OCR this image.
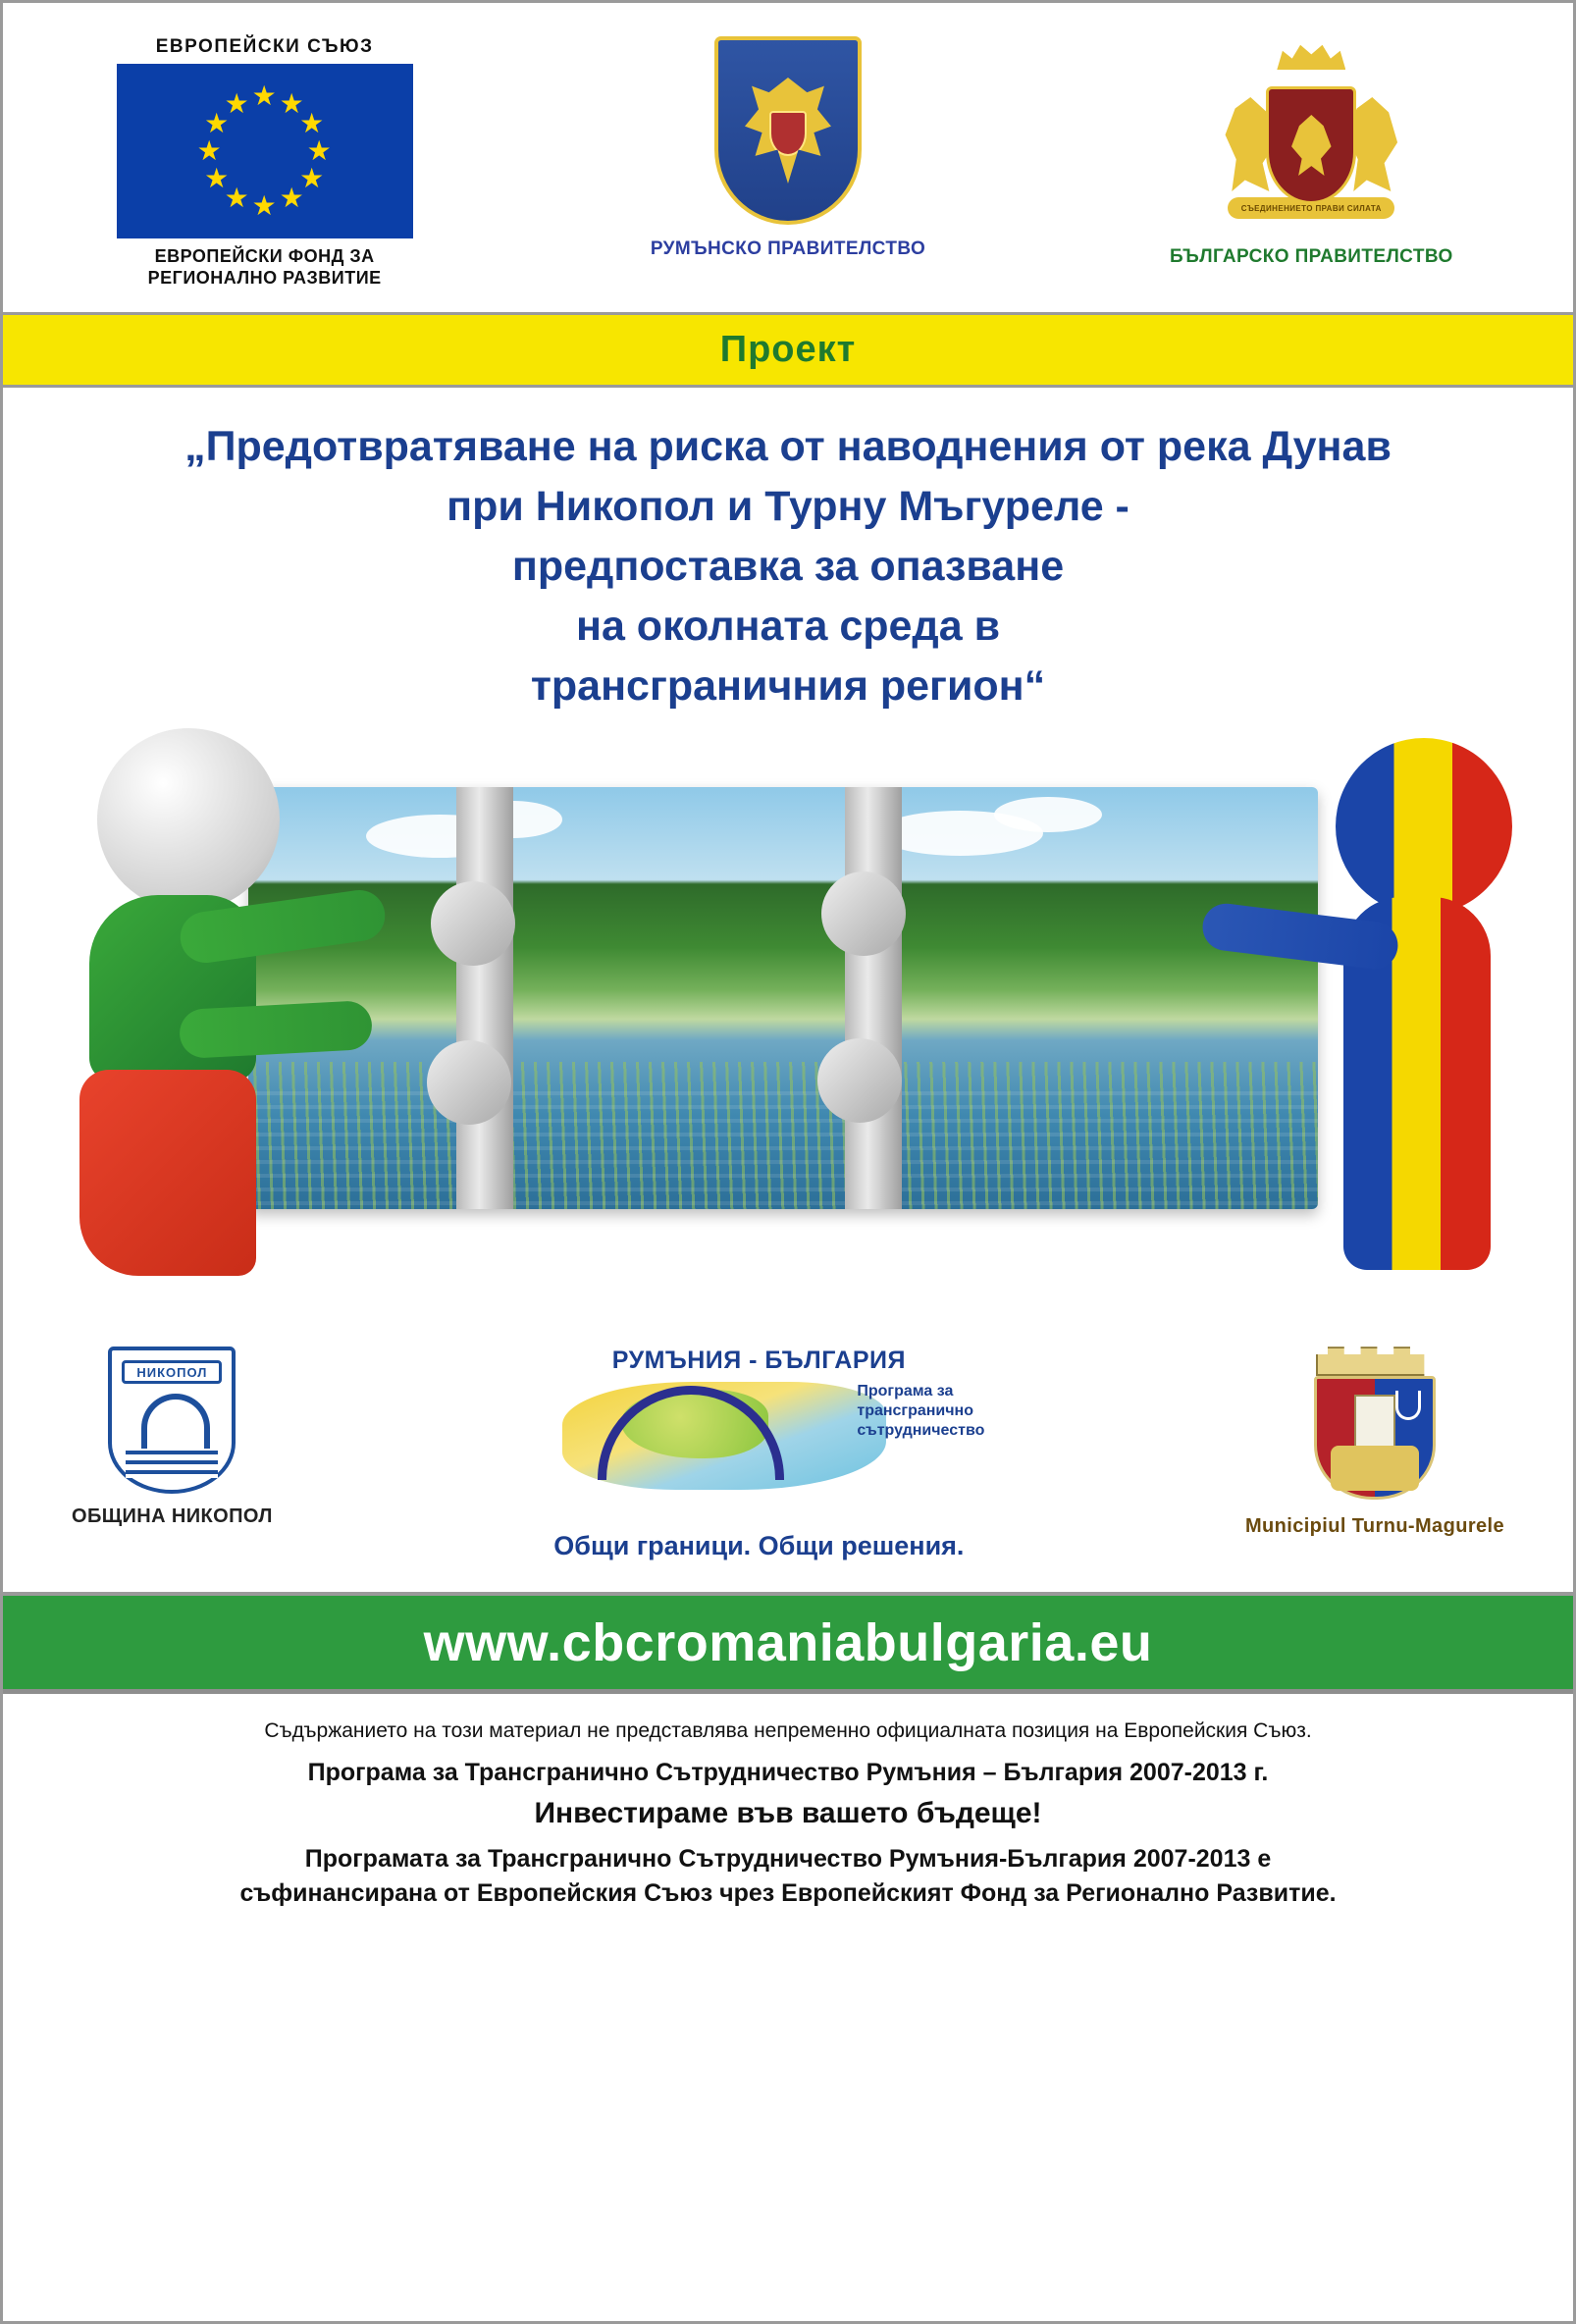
ЕВРОПЕЙСКИ СЪЮЗ
★ ★
★
★
★
★
★
★
★
★
★
★
ЕВРОПЕЙСКИ ФОНД ЗА
РЕГИОНАЛНО РАЗВИТИЕ
РУМЪНСКО ПРАВИТЕЛСТВО
СЪЕДИНЕНИЕТО ПРАВИ СИЛАТА
БЪЛГАРСКО ПРАВИТЕЛСТВО
Проект
„Предотвратяване на риска от наводнения от река Дунав
при Никопол и Турну Мъгуреле -
предпоставка за опазване
на околната среда в
трансграничния регион“
НИКОПОЛ
ОБЩИНА НИКОПОЛ
РУМЪНИЯ - БЪЛГАРИЯ
Програма за
трансгранично
сътрудничество
Общи граници. Общи решения.
Municipiul Turnu-Magurele
www.cbcromaniabulgaria.eu
Съдържанието на този материал не представлява непременно официалната позиция на Европейския Съюз.
Програма за Трансгранично Сътрудничество Румъния – България 2007-2013 г.
Инвестираме във вашето бъдеще!
Програмата за Трансгранично Сътрудничество Румъния-България 2007-2013 е
съфинансирана от Европейския Съюз чрез Европейският Фонд за Регионално Развитие.
